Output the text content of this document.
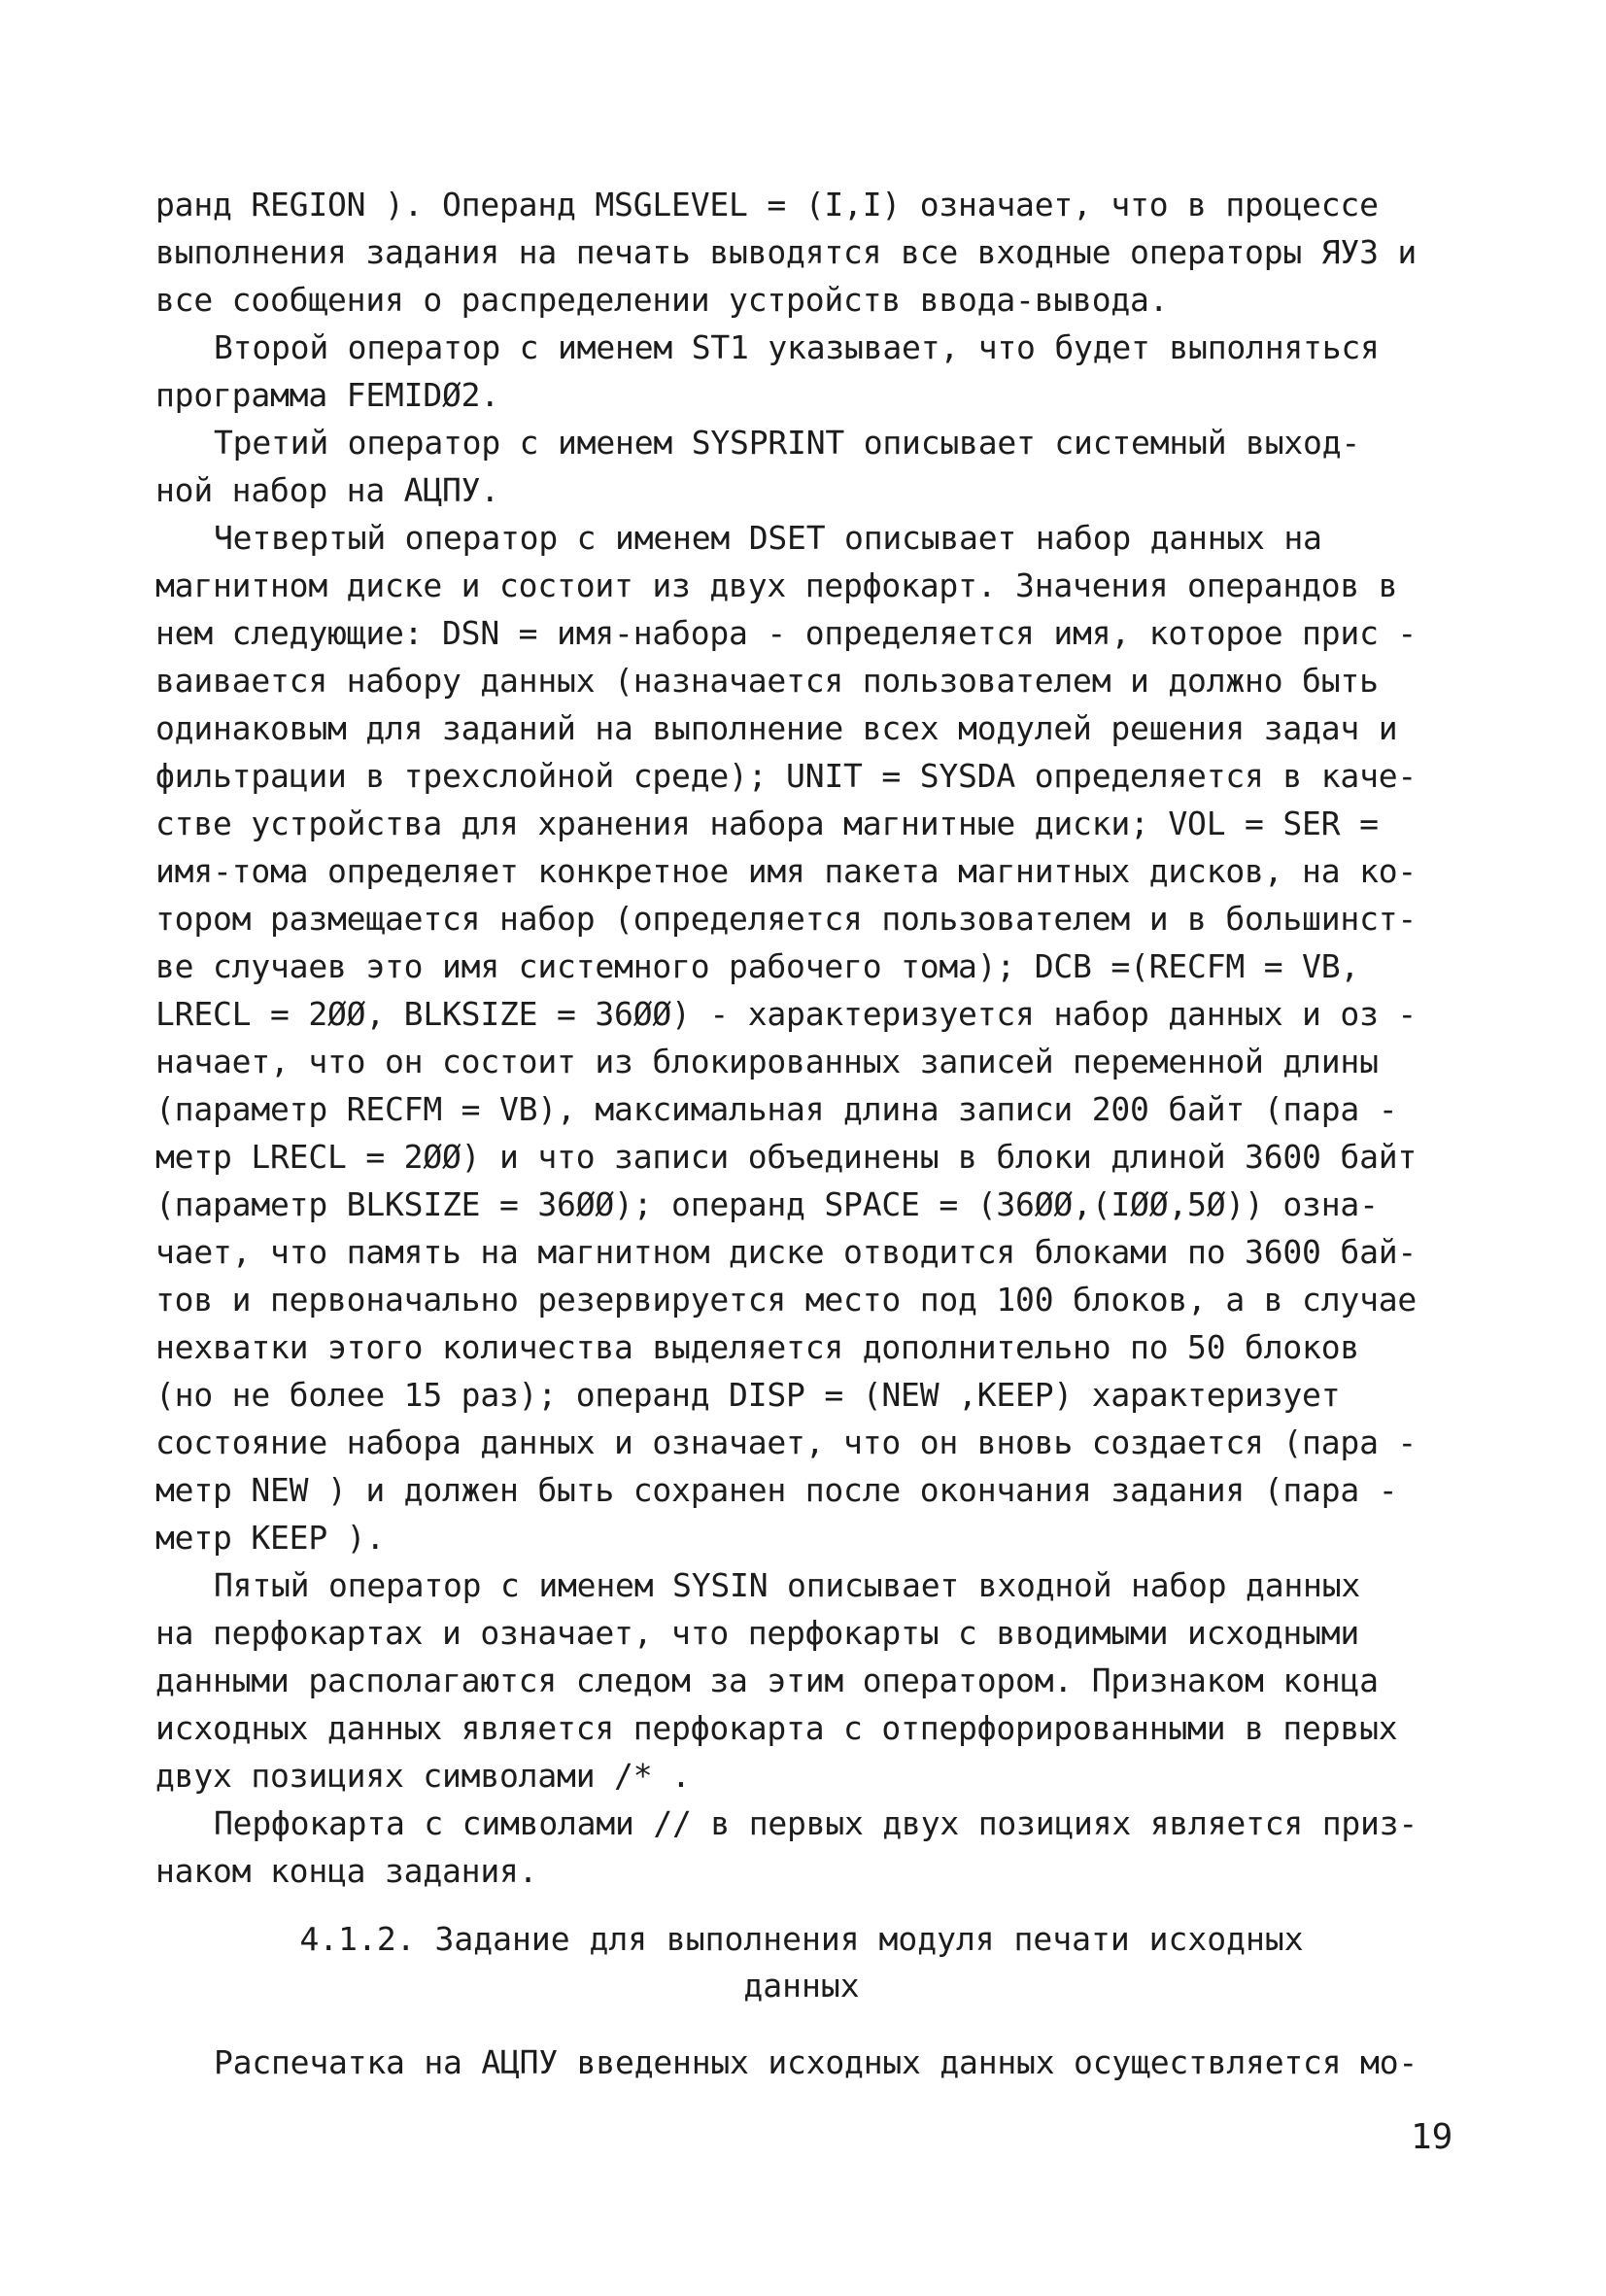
ранд REGION ). Операнд MSGLEVEL = (I,I) означает, что в процессе
выполнения задания на печать выводятся все входные операторы ЯУЗ и
все сообщения о распределении устройств ввода-вывода.
Второй оператор с именем ST1 указывает, что будет выполняться
программа FEMIDØ2.
Третий оператор с именем SYSPRINT описывает системный выход-
ной набор на АЦПУ.
Четвертый оператор с именем DSET описывает набор данных на
магнитном диске и состоит из двух перфокарт. Значения операндов в
нем следующие: DSN = имя-набора - определяется имя, которое прис -
ваивается набору данных (назначается пользователем и должно быть
одинаковым для заданий на выполнение всех модулей решения задач и
фильтрации в трехслойной среде); UNIT = SYSDA определяется в каче-
стве устройства для хранения набора магнитные диски; VOL = SER =
имя-тома определяет конкретное имя пакета магнитных дисков, на ко-
тором размещается набор (определяется пользователем и в большинст-
ве случаев это имя системного рабочего тома); DCB =(RECFM = VB,
LRECL = 2ØØ, BLKSIZE = 36ØØ) - характеризуется набор данных и оз -
начает, что он состоит из блокированных записей переменной длины
(параметр RECFM = VB), максимальная длина записи 200 байт (пара -
метр LRECL = 2ØØ) и что записи объединены в блоки длиной 3600 байт
(параметр BLKSIZE = 36ØØ); операнд SPACE = (36ØØ,(IØØ,5Ø)) озна-
чает, что память на магнитном диске отводится блоками по 3600 бай-
тов и первоначально резервируется место под 100 блоков, а в случае
нехватки этого количества выделяется дополнительно по 50 блоков
(но не более 15 раз); операнд DISP = (NEW ,KEEP) характеризует
состояние набора данных и означает, что он вновь создается (пара -
метр NEW ) и должен быть сохранен после окончания задания (пара -
метр KEEP ).
Пятый оператор с именем SYSIN описывает входной набор данных
на перфокартах и означает, что перфокарты с вводимыми исходными
данными располагаются следом за этим оператором. Признаком конца
исходных данных является перфокарта с отперфорированными в первых
двух позициях символами /* .
Перфокарта с символами // в первых двух позициях является приз-
наком конца задания.
4.1.2. Задание для выполнения модуля печати исходных
данных
Распечатка на АЦПУ введенных исходных данных осуществляется мо-
19
